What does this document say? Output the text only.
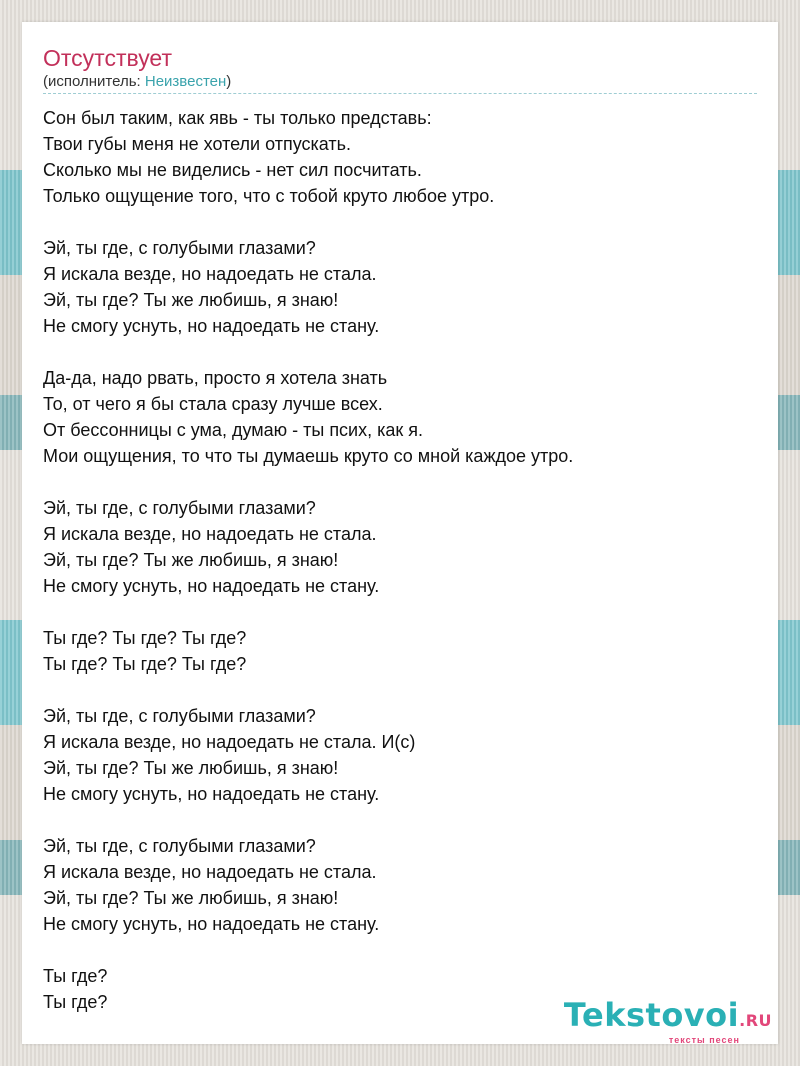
Отсутствует
(исполнитель: Неизвестен)
Сон был таким, как явь - ты только представь:
Твои губы меня не хотели отпускать.
Сколько мы не виделись - нет сил посчитать.
Только ощущение того, что с тобой круто любое утро.
Эй, ты где, с голубыми глазами?
Я искала везде, но надоедать не стала.
Эй, ты где? Ты же любишь, я знаю!
Не смогу уснуть, но надоедать не стану.
Да-да, надо рвать, просто я хотела знать
То, от чего я бы стала сразу лучше всех.
От бессонницы с ума, думаю - ты псих, как я.
Мои ощущения, то что ты думаешь круто со мной каждое утро.
Эй, ты где, с голубыми глазами?
Я искала везде, но надоедать не стала.
Эй, ты где? Ты же любишь, я знаю!
Не смогу уснуть, но надоедать не стану.
Ты где? Ты где? Ты где?
Ты где? Ты где? Ты где?
Эй, ты где, с голубыми глазами?
Я искала везде, но надоедать не стала. И(с)
Эй, ты где? Ты же любишь, я знаю!
Не смогу уснуть, но надоедать не стану.
Эй, ты где, с голубыми глазами?
Я искала везде, но надоедать не стала.
Эй, ты где? Ты же любишь, я знаю!
Не смогу уснуть, но надоедать не стану.
Ты где?
Ты где?	Tekstovoi.RU
тексты песен
